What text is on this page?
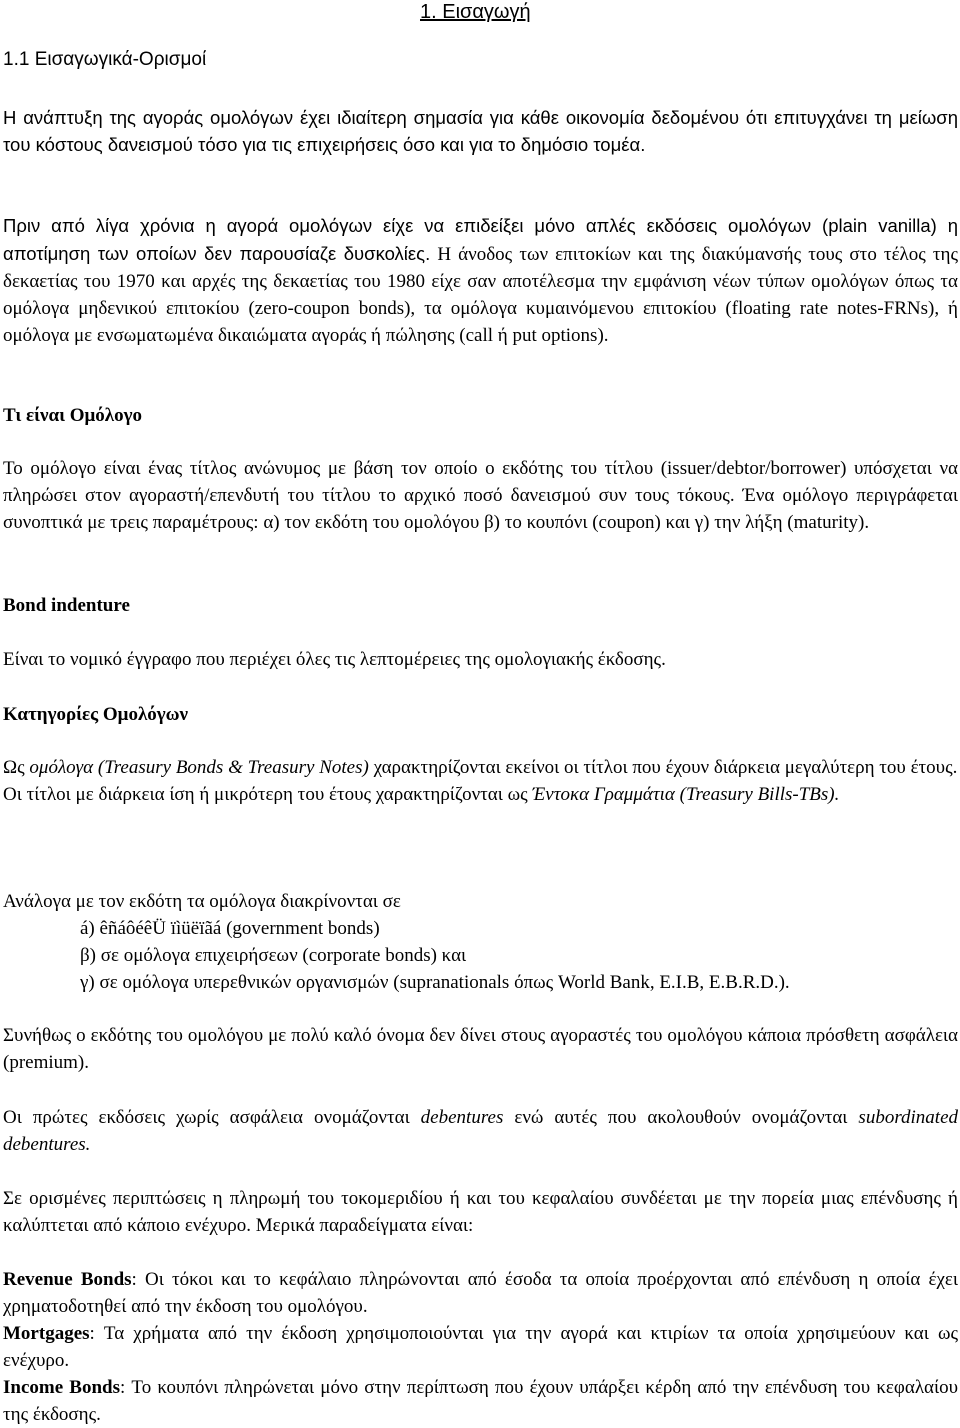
1. Εισαγωγή
1.1 Εισαγωγικά-Ορισμοί

Η ανάπτυξη της αγοράς ομολόγων έχει ιδιαίτερη σημασία για κάθε οικονομία δεδομένου ότι επιτυγχάνει τη μείωση του κόστους δανεισμού τόσο για τις επιχειρήσεις όσο και για το δημόσιο τομέα.

Πριν από λίγα χρόνια η αγορά ομολόγων είχε να επιδείξει μόνο απλές εκδόσεις ομολόγων (plain vanilla) η αποτίμηση των οποίων δεν παρουσίαζε δυσκολίες. Η άνοδος των επιτοκίων και της διακύμανσής τους στο τέλος της δεκαετίας του 1970 και αρχές της δεκαετίας του 1980 είχε σαν αποτέλεσμα την εμφάνιση νέων τύπων ομολόγων όπως τα ομόλογα μηδενικού επιτοκίου (zero-coupon bonds), τα ομόλογα κυμαινόμενου επιτοκίου (floating rate notes-FRNs), ή ομόλογα με ενσωματωμένα δικαιώματα αγοράς ή πώλησης (call ή put options).

Τι είναι Ομόλογο

Το ομόλογο είναι ένας τίτλος ανώνυμος με βάση τον οποίο ο εκδότης του τίτλου (issuer/debtor/borrower) υπόσχεται να πληρώσει στον αγοραστή/επενδυτή του τίτλου το αρχικό ποσό δανεισμού συν τους τόκους. Ένα ομόλογο περιγράφεται συνοπτικά με τρεις παραμέτρους: α) τον εκδότη του ομολόγου β) το κουπόνι (coupon) και γ) την λήξη (maturity).

Bond indenture

Είναι το νομικό έγγραφο που περιέχει όλες τις λεπτομέρειες της ομολογιακής έκδοσης.

Κατηγορίες Ομολόγων

Ως ομόλογα (Treasury Bonds & Treasury Notes) χαρακτηρίζονται εκείνοι οι τίτλοι που έχουν διάρκεια μεγαλύτερη του έτους.

Οι τίτλοι με διάρκεια ίση ή μικρότερη του έτους χαρακτηρίζονται ως Έντοκα Γραμμάτια (Treasury Bills-TBs).

Ανάλογα με τον εκδότη τα ομόλογα διακρίνονται σε

á) êñáôéêÜ ïìüëïãá (government bonds)

β) σε ομόλογα επιχειρήσεων (corporate bonds) και

γ) σε ομόλογα υπερεθνικών οργανισμών (supranationals όπως World Bank, E.I.B, E.B.R.D.).

Συνήθως ο εκδότης του ομολόγου με πολύ καλό όνομα δεν δίνει στους αγοραστές του ομολόγου κάποια πρόσθετη ασφάλεια (premium).

Οι πρώτες εκδόσεις χωρίς ασφάλεια ονομάζονται debentures ενώ αυτές που ακολουθούν ονομάζονται subordinated debentures.

Σε ορισμένες περιπτώσεις η πληρωμή του τοκομεριδίου ή και του κεφαλαίου συνδέεται με την πορεία μιας επένδυσης ή καλύπτεται από κάποιο ενέχυρο. Μερικά παραδείγματα είναι:

Revenue Bonds: Οι τόκοι και το κεφάλαιο πληρώνονται από έσοδα τα οποία προέρχονται από επένδυση η οποία έχει χρηματοδοτηθεί από την έκδοση του ομολόγου.

Mortgages: Τα χρήματα από την έκδοση χρησιμοποιούνται για την αγορά και κτιρίων τα οποία χρησιμεύουν και ως ενέχυρο.

Income Bonds: Το κουπόνι πληρώνεται μόνο στην περίπτωση που έχουν υπάρξει κέρδη από την επένδυση του κεφαλαίου της έκδοσης.
